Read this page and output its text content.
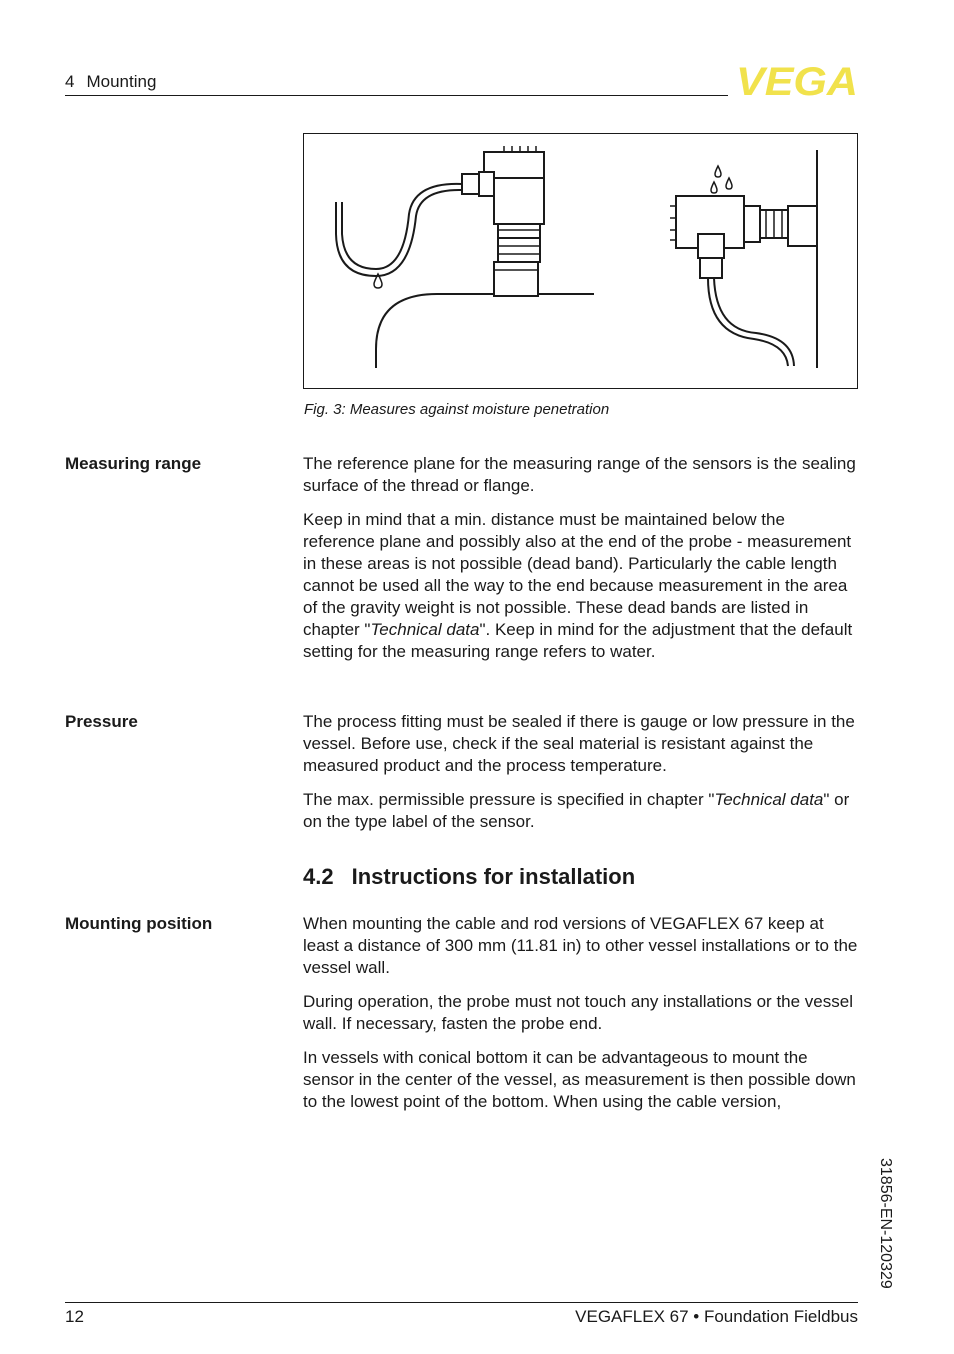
4 Mounting	VEGA
Fig. 3: Measures against moisture penetration
Measuring range	The reference plane for the measuring range of the sensors is the sealing surface of the thread or flange.

Keep in mind that a min. distance must be maintained below the reference plane and possibly also at the end of the probe - measurement in these areas is not possible (dead band). Particularly the cable length cannot be used all the way to the end because measurement in the area of the gravity weight is not possible. These dead bands are listed in chapter "Technical data". Keep in mind for the adjustment that the default setting for the measuring range refers to water.

Pressure	The process fitting must be sealed if there is gauge or low pressure in the vessel. Before use, check if the seal material is resistant against the measured product and the process temperature.

The max. permissible pressure is specified in chapter "Technical data" or on the type label of the sensor.

4.2 Instructions for installation
Mounting position	When mounting the cable and rod versions of VEGAFLEX 67 keep at least a distance of 300 mm (11.81 in) to other vessel installations or to the vessel wall.

During operation, the probe must not touch any installations or the vessel wall. If necessary, fasten the probe end.

In vessels with conical bottom it can be advantageous to mount the sensor in the center of the vessel, as measurement is then possible down to the lowest point of the bottom. When using the cable version,

31856-EN-120329
12	VEGAFLEX 67 • Foundation Fieldbus
